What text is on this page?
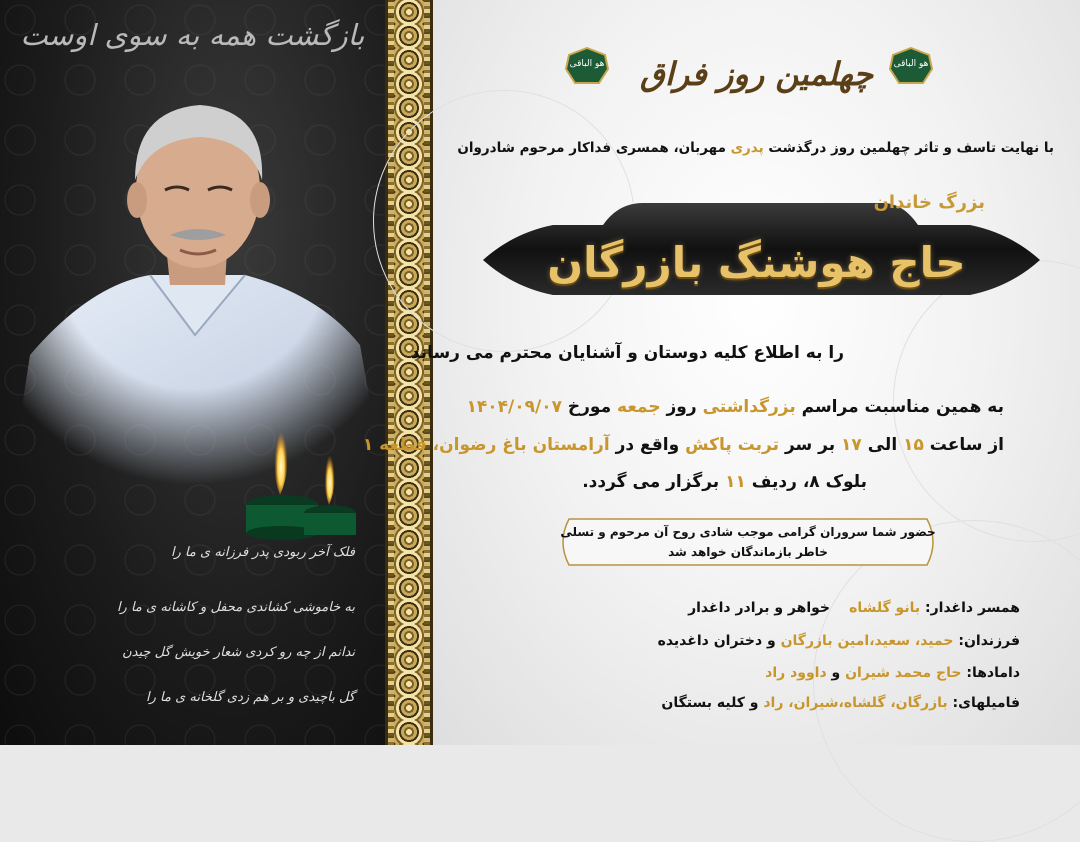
بازگشت همه به سوی اوست
فلک آخر ربودی پدر فرزانه ی ما را
به خاموشی کشاندی محفل و کاشانه ی ما را
ندانم از چه رو کردی شعار خویش گل چیدن
گل باچیدی و بر هم زدی گلخانه ی ما را
هو الباقی	هو الباقی
چهلمین روز فراق
با نهایت تاسف و تاثر چهلمین روز درگذشت پدری مهربان، همسری فداکار مرحوم شادروان
بزرگ خاندان
حاج هوشنگ بازرگان
را به اطلاع کلیه دوستان و آشنایان محترم می رساند
به همین مناسبت مراسم بزرگداشتی روز جمعه مورخ ۱۴۰۴/۰۹/۰۷
از ساعت ۱۵ الی ۱۷ بر سر تربت پاکش واقع در آرامستان باغ رضوان، قطعه ۱
بلوک ۸، ردیف ۱۱ برگزار می گردد.
حضور شما سروران گرامی موجب شادی روح آن مرحوم و تسلی
خاطر بازماندگان خواهد شد
همسر داغدار: بانو گلشاه
خواهر و برادر داغدار
فرزندان: حمید، سعید،امین بازرگان و دختران داغدیده
دامادها: حاج محمد شیران و داوود راد
فامیلهای: بازرگان، گلشاه،شیران، راد و کلیه بستگان
